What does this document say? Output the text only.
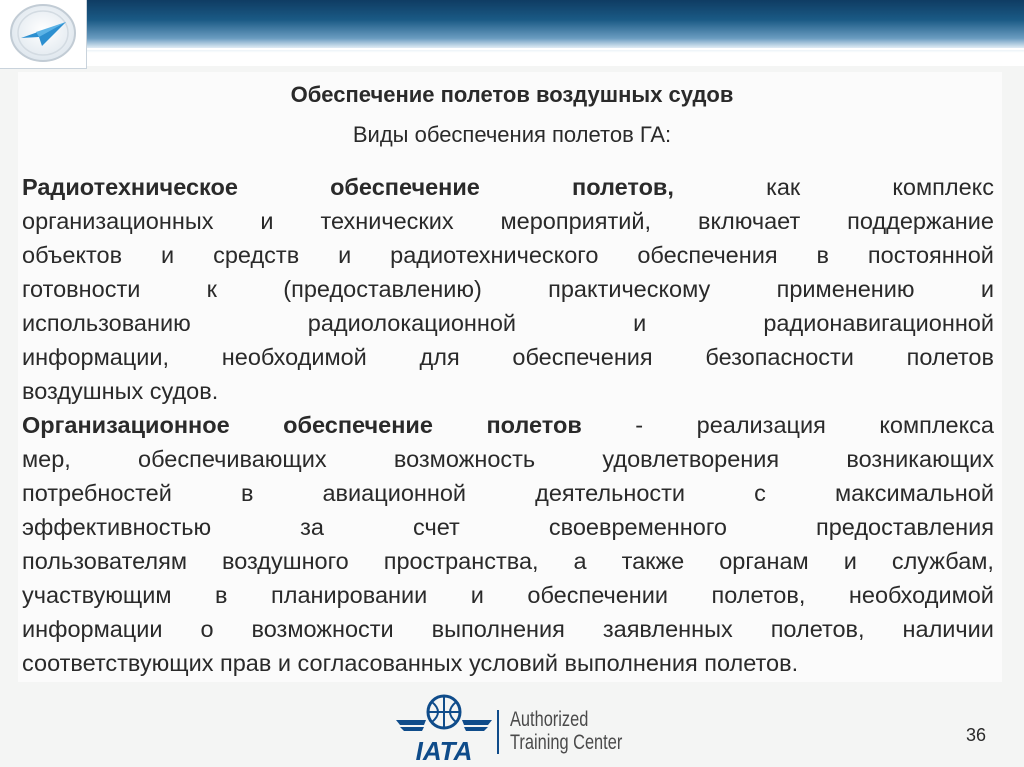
Обеспечение полетов воздушных судов
Виды обеспечения полетов ГА:
Радиотехническое	обеспечение	полетов,	как	комплекс
организационных и технических мероприятий, включает поддержание
объектов и средств и радиотехнического обеспечения в постоянной
готовности	к	(предоставлению)	практическому	применению	и
использованию	радиолокационной	и	радионавигационной
информации, необходимой для обеспечения безопасности полетов
воздушных судов.
Организационное обеспечение полетов - реализация комплекса
мер,	обеспечивающих	возможность	удовлетворения	возникающих
потребностей	в	авиационной	деятельности	с	максимальной
эффективностью	за	счет	своевременного	предоставления
пользователям воздушного пространства, а также органам и службам,
участвующим в планировании и обеспечении полетов, необходимой
информации о возможности выполнения заявленных полетов, наличии
соответствующих прав и согласованных условий выполнения полетов.
IATA
Authorized
Training Center	36
